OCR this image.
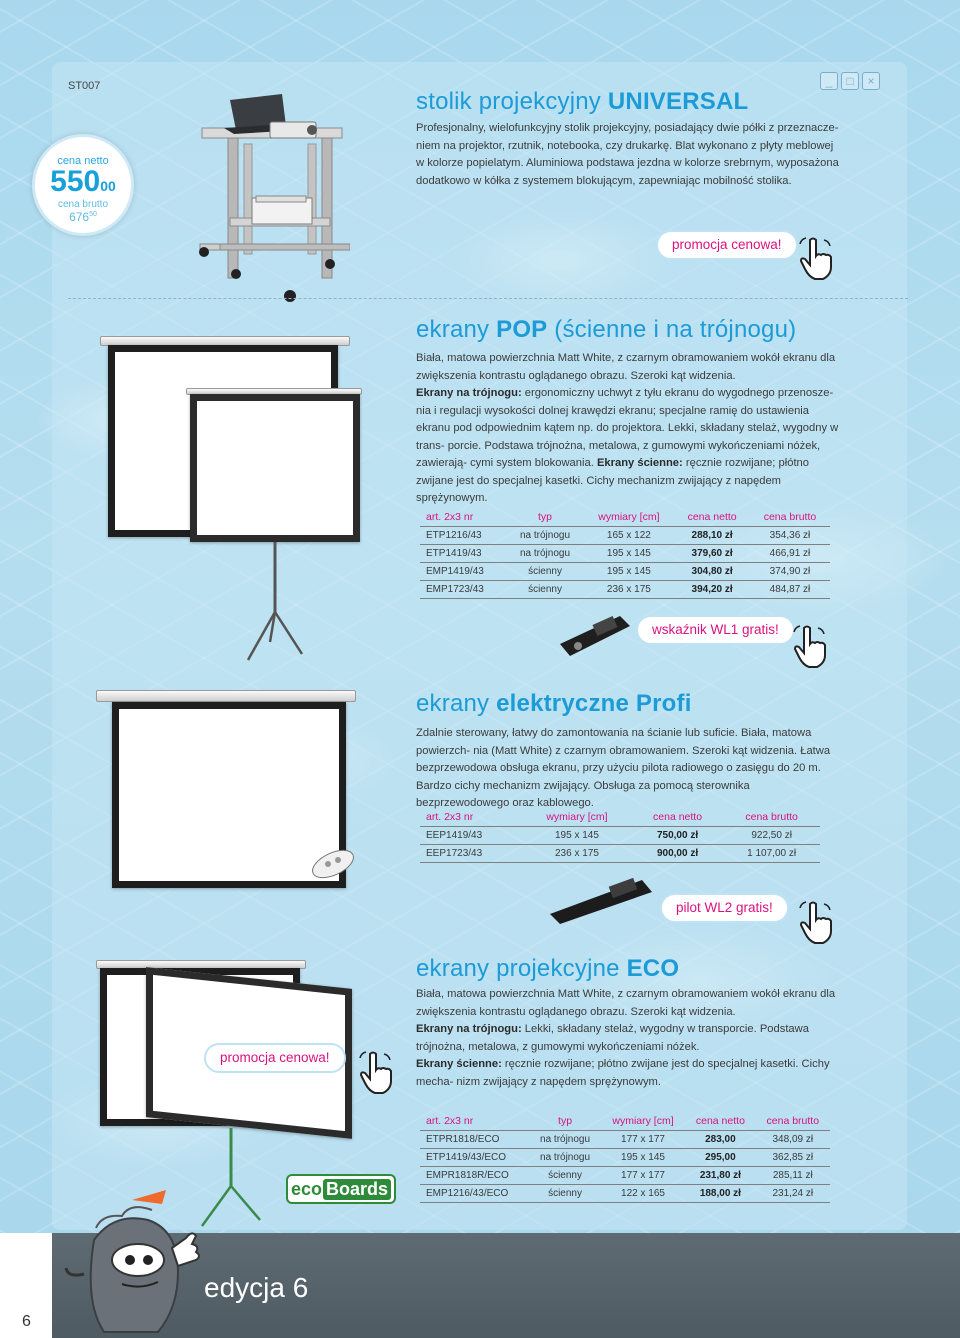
ST007
cena netto
$550^{00}$
cena brutto
$676^{50}$
_	□	×
stolik projekcyjny UNIVERSAL
Profesjonalny, wielofunkcyjny stolik projekcyjny, posiadający dwie półki z przeznacze- niem na projektor, rzutnik, notebooka, czy drukarkę. Blat wykonano z płyty meblowej w kolorze popielatym. Aluminiowa podstawa jezdna w kolorze srebrnym, wyposażona dodatkowo w kółka z systemem blokującym, zapewniając mobilność stolika.
promocja cenowa!
ekrany POP (ścienne i na trójnogu)
Biała, matowa powierzchnia Matt White, z czarnym obramowaniem wokół ekranu dla zwiększenia kontrastu oglądanego obrazu. Szeroki kąt widzenia.
Ekrany na trójnogu: ergonomiczny uchwyt z tyłu ekranu do wygodnego przenosze- nia i regulacji wysokości dolnej krawędzi ekranu; specjalne ramię do ustawienia ekranu pod odpowiednim kątem np. do projektora. Lekki, składany stelaż, wygodny w trans- porcie. Podstawa trójnożna, metalowa, z gumowymi wykończeniami nóżek, zawierają- cymi system blokowania. Ekrany ścienne: ręcznie rozwijane; płótno zwijane jest do specjalnej kasetki. Cichy mechanizm zwijający z napędem sprężynowym.
art. 2x3 nr	typ	wymiary [cm]	cena netto	cena brutto
ETP1216/43	na trójnogu	165 x 122	288,10 zł	354,36 zł
ETP1419/43	na trójnogu	195 x 145	379,60 zł	466,91 zł
EMP1419/43	ścienny	195 x 145	304,80 zł	374,90 zł
EMP1723/43	ścienny	236 x 175	394,20 zł	484,87 zł
wskaźnik WL1 gratis!
ekrany elektryczne Profi
Zdalnie sterowany, łatwy do zamontowania na ścianie lub suficie. Biała, matowa powierzch- nia (Matt White) z czarnym obramowaniem. Szeroki kąt widzenia. Łatwa bezprzewodowa obsługa ekranu, przy użyciu pilota radiowego o zasięgu do 20 m. Bardzo cichy mechanizm zwijający. Obsługa za pomocą sterownika bezprzewodowego oraz kablowego.
art. 2x3 nr	wymiary [cm]	cena netto	cena brutto
EEP1419/43	195 x 145	750,00 zł	922,50 zł
EEP1723/43	236 x 175	900,00 zł	1 107,00 zł
pilot WL2 gratis!
promocja cenowa!
eco Boards
ekrany projekcyjne ECO
Biała, matowa powierzchnia Matt White, z czarnym obramowaniem wokół ekranu dla zwiększenia kontrastu oglądanego obrazu. Szeroki kąt widzenia.
Ekrany na trójnogu: Lekki, składany stelaż, wygodny w transporcie. Podstawa trójnożna, metalowa, z gumowymi wykończeniami nóżek.
Ekrany ścienne: ręcznie rozwijane; płótno zwijane jest do specjalnej kasetki. Cichy mecha- nizm zwijający z napędem sprężynowym.
art. 2x3 nr	typ	wymiary [cm]	cena netto	cena brutto
ETPR1818/ECO	na trójnogu	177 x 177	283,00	348,09 zł
ETP1419/43/ECO	na trójnogu	195 x 145	295,00	362,85 zł
EMPR1818R/ECO	ścienny	177 x 177	231,80 zł	285,11 zł
EMP1216/43/ECO	ścienny	122 x 165	188,00 zł	231,24 zł
6
edycja 6
